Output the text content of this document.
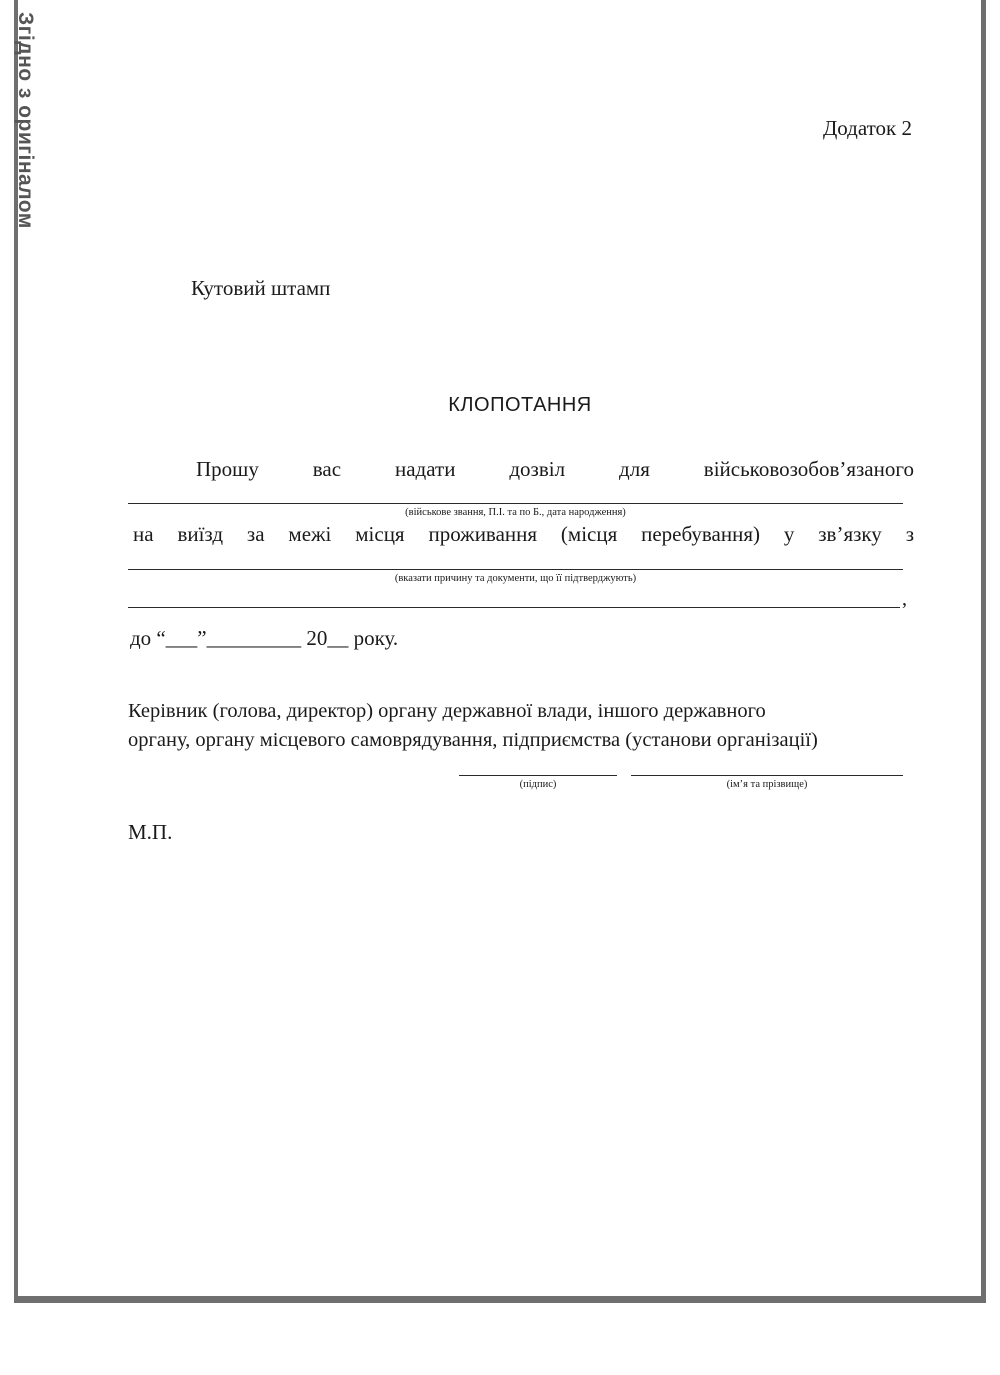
Згідно з оригіналом	Додаток 2
Кутовий штамп
КЛОПОТАННЯ
Прошу	вас	надати	дозвіл	для	військовозобов’язаного
(військове звання, П.І. та по Б., дата народження)
на виїзд за межі місця проживання (місця перебування) у зв’язку з
(вказати причину та документи, що її підтверджують)
,
до “___”_________ 20__ року.
Керівник (голова, директор) органу державної влади, іншого державного
органу, органу місцевого самоврядування, підприємства (установи організації)
(підпис)	(ім’я та прізвище)
М.П.
